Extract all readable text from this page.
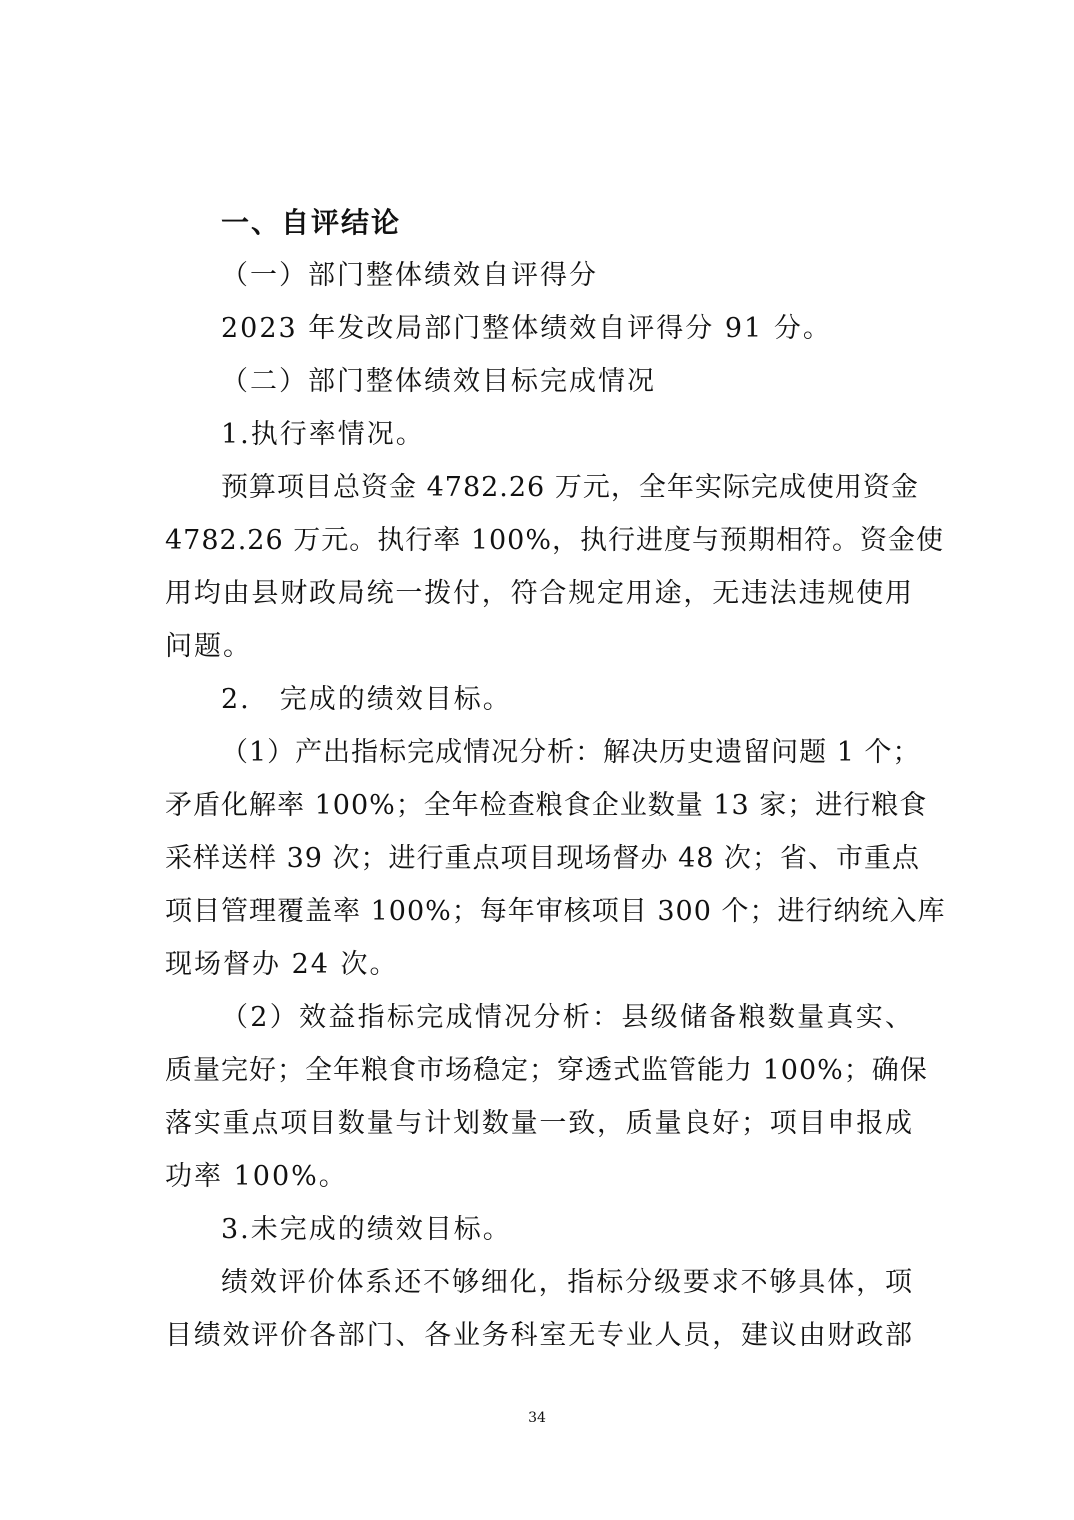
一、自评结论
（一）部门整体绩效自评得分
2023 年发改局部门整体绩效自评得分 91 分。
（二）部门整体绩效目标完成情况
1.执行率情况。
预算项目总资金 4782.26 万元，全年实际完成使用资金
4782.26 万元。执行率 100%，执行进度与预期相符。资金使
用均由县财政局统一拨付，符合规定用途，无违法违规使用
问题。
2.　完成的绩效目标。
（1）产出指标完成情况分析：解决历史遗留问题 1 个；
矛盾化解率 100%；全年检查粮食企业数量 13 家；进行粮食
采样送样 39 次；进行重点项目现场督办 48 次；省、市重点
项目管理覆盖率 100%；每年审核项目 300 个；进行纳统入库
现场督办 24 次。
（2）效益指标完成情况分析：县级储备粮数量真实、
质量完好；全年粮食市场稳定；穿透式监管能力 100%；确保
落实重点项目数量与计划数量一致，质量良好；项目申报成
功率 100%。
3.未完成的绩效目标。
绩效评价体系还不够细化，指标分级要求不够具体，项
目绩效评价各部门、各业务科室无专业人员，建议由财政部
34
